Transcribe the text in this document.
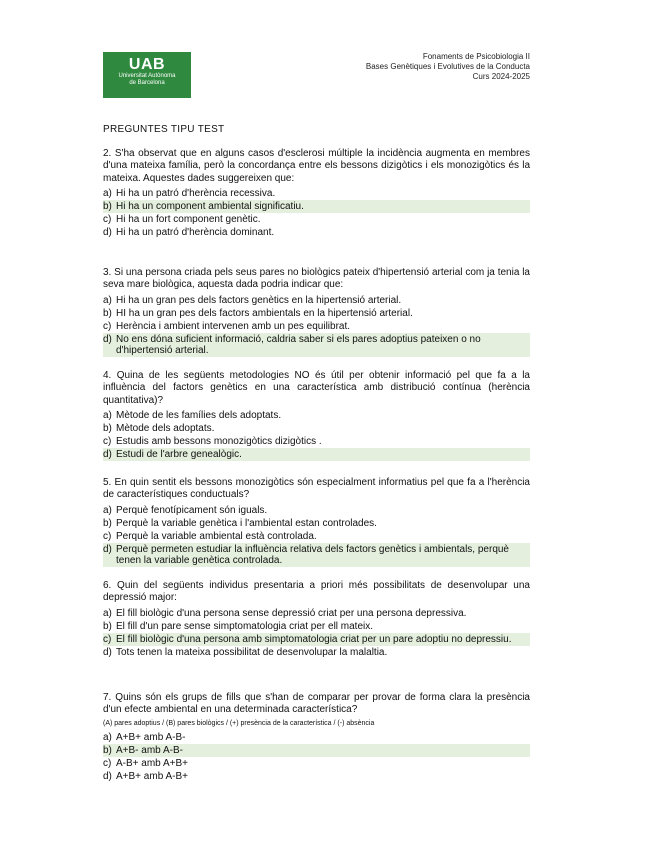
UAB
Universitat Autònoma
de Barcelona
Fonaments de Psicobiologia II
Bases Genètiques i Evolutives de la Conducta
Curs 2024-2025
PREGUNTES TIPU TEST

2. S'ha observat que en alguns casos d'esclerosi múltiple la incidència augmenta en membres d'una mateixa família, però la concordança entre els bessons dizigòtics i els monozigòtics és la mateixa. Aquestes dades suggereixen que:

a) Hi ha un patró d'herència recessiva.
b) Hi ha un component ambiental significatiu.
c) Hi ha un fort component genètic.
d) Hi ha un patró d'herència dominant.

3. Si una persona criada pels seus pares no biològics pateix d'hipertensió arterial com ja tenia la seva mare biològica, aquesta dada podria indicar que:

a) Hi ha un gran pes dels factors genètics en la hipertensió arterial.
b) HI ha un gran pes dels factors ambientals en la hipertensió arterial.
c) Herència i ambient intervenen amb un pes equilibrat.
d) No ens dóna suficient informació, caldria saber si els pares adoptius pateixen o no d'hipertensió arterial.

4. Quina de les següents metodologies NO és útil per obtenir informació pel que fa a la influència del factors genètics en una característica amb distribució contínua (herència quantitativa)?

a) Mètode de les famílies dels adoptats.
b) Mètode dels adoptats.
c) Estudis amb bessons monozigòtics dizigòtics .
d) Estudi de l'arbre genealògic.

5. En quin sentit els bessons monozigòtics són especialment informatius pel que fa a l'herència de característiques conductuals?

a) Perquè fenotípicament són iguals.
b) Perquè la variable genètica i l'ambiental estan controlades.
c) Perquè la variable ambiental està controlada.
d) Perquè permeten estudiar la influència relativa dels factors genètics i ambientals, perquè tenen la variable genètica controlada.

6. Quin del següents individus presentaria a priori més possibilitats de desenvolupar una depressió major:

a) El fill biològic d'una persona sense depressió criat per una persona depressiva.
b) El fill d'un pare sense simptomatologia criat per ell mateix.
c) El fill biològic d'una persona amb simptomatologia criat per un pare adoptiu no depressiu.
d) Tots tenen la mateixa possibilitat de desenvolupar la malaltia.

7. Quins són els grups de fills que s'han de comparar per provar de forma clara la presència d'un efecte ambiental en una determinada característica?

(A) pares adoptius / (B) pares biològics / (+) presència de la característica / (-) absència

a) A+B+ amb A-B-
b) A+B- amb A-B-
c) A-B+ amb A+B+
d) A+B+ amb A-B+
